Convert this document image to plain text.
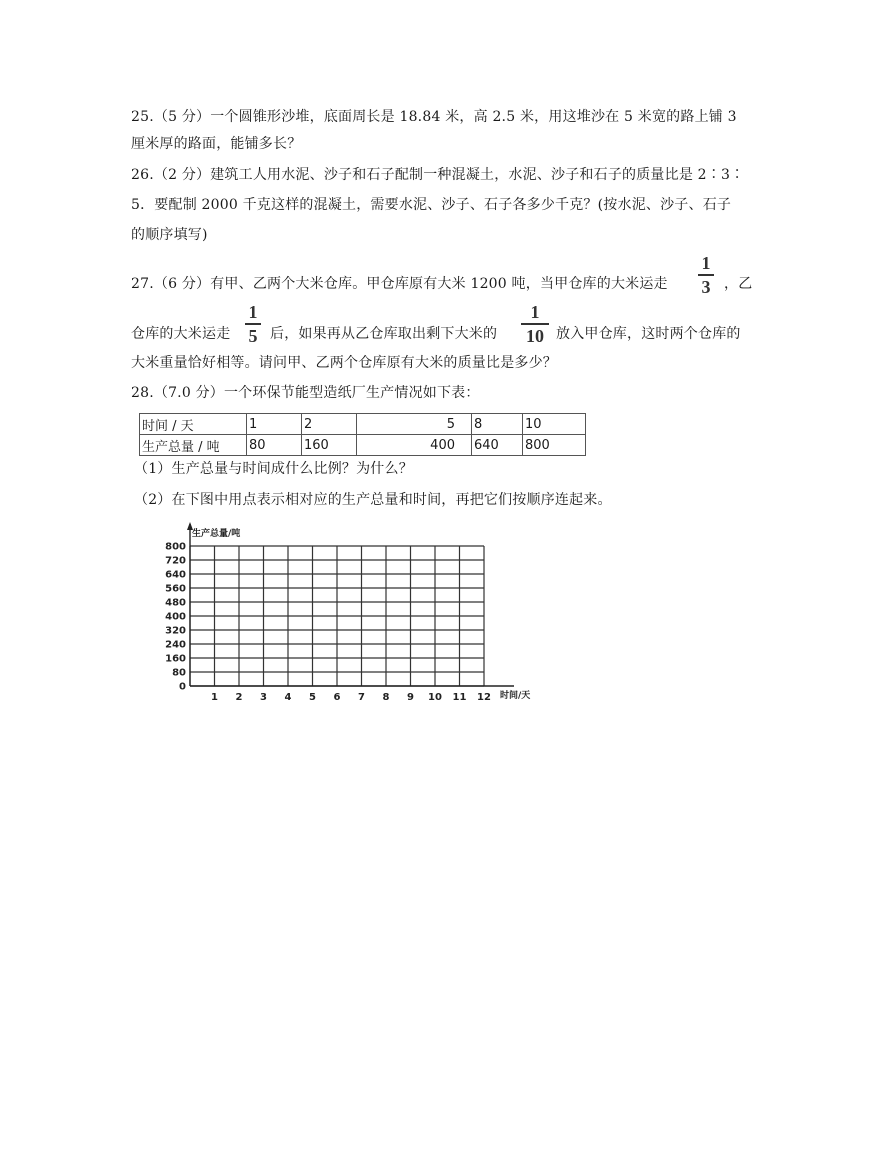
25.（5 分）一个圆锥形沙堆，底面周长是 18.84 米，高 2.5 米，用这堆沙在 5 米宽的路上铺 3
厘米厚的路面，能铺多长？
26.（2 分）建筑工人用水泥、沙子和石子配制一种混凝土，水泥、沙子和石子的质量比是 2∶3∶
5．要配制 2000 千克这样的混凝土，需要水泥、沙子、石子各多少千克？(按水泥、沙子、石子
的顺序填写)
27.（6 分）有甲、乙两个大米仓库。甲仓库原有大米 1200 吨，当甲仓库的大米运走
1
3 ，乙
仓库的大米运走
1
5 后，如果再从乙仓库取出剩下大米的
1
10 放入甲仓库，这时两个仓库的
大米重量恰好相等。请问甲、乙两个仓库原有大米的质量比是多少？
28.（7.0 分）一个环保节能型造纸厂生产情况如下表：
时间 / 天	1	2	5	8	10
生产总量 / 吨	80	160	400	640	800
（1）生产总量与时间成什么比例？为什么？
（2）在下图中用点表示相对应的生产总量和时间，再把它们按顺序连起来。
800
720
640
560
480
400
320
240
160
80
0
1 2 3 4 5 6 7 8 9 10 11 12
生产总量/吨
时间/天
